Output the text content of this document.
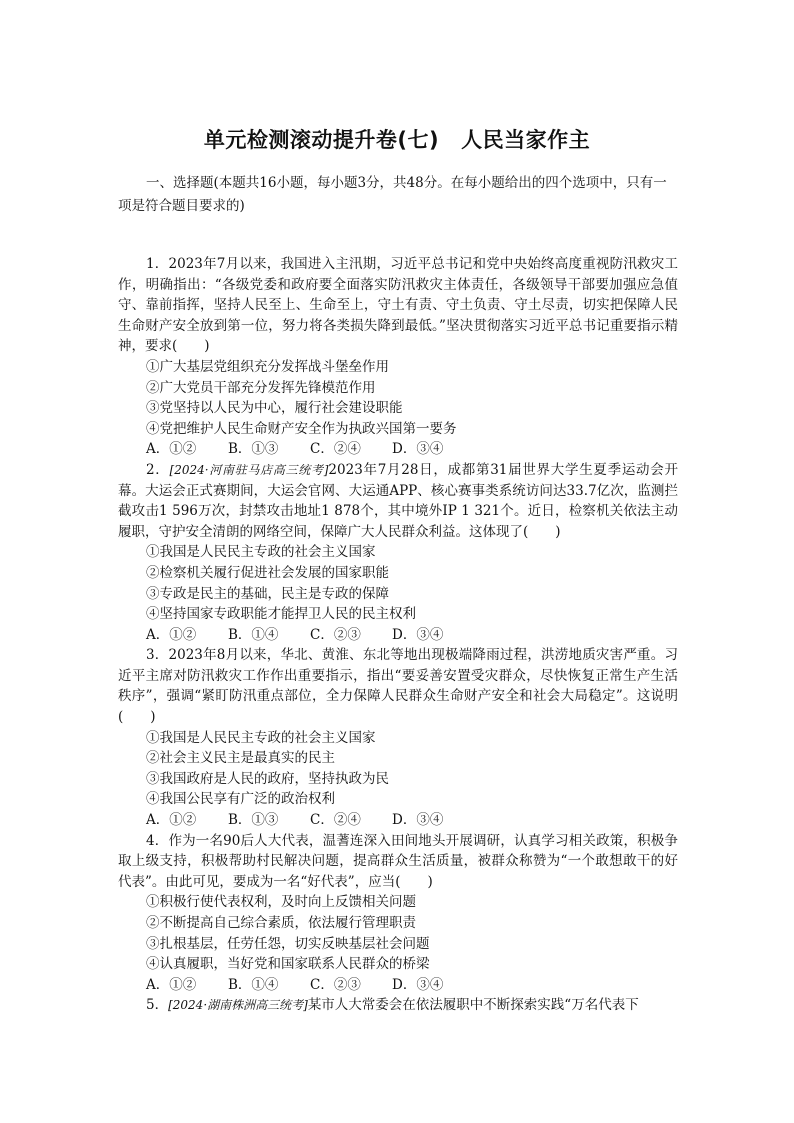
单元检测滚动提升卷(七) 人民当家作主
一、选择题(本题共16小题，每小题3分，共48分。在每小题给出的四个选项中，只有一项是符合题目要求的)

1．2023年7月以来，我国进入主汛期，习近平总书记和党中央始终高度重视防汛救灾工作，明确指出：“各级党委和政府要全面落实防汛救灾主体责任，各级领导干部要加强应急值守、靠前指挥，坚持人民至上、生命至上，守土有责、守土负责、守土尽责，切实把保障人民生命财产安全放到第一位，努力将各类损失降到最低。”坚决贯彻落实习近平总书记重要指示精神，要求(　　)

①广大基层党组织充分发挥战斗堡垒作用

②广大党员干部充分发挥先锋模范作用

③党坚持以人民为中心，履行社会建设职能

④党把维护人民生命财产安全作为执政兴国第一要务

A．①② B．①③ C．②④ D．③④

2．[2024·河南驻马店高三统考]2023年7月28日，成都第31届世界大学生夏季运动会开幕。大运会正式赛期间，大运会官网、大运通APP、核心赛事类系统访问达33.7亿次，监测拦截攻击1 596万次，封禁攻击地址1 878个，其中境外IP 1 321个。近日，检察机关依法主动履职，守护安全清朗的网络空间，保障广大人民群众利益。这体现了(　　)

①我国是人民民主专政的社会主义国家

②检察机关履行促进社会发展的国家职能

③专政是民主的基础，民主是专政的保障

④坚持国家专政职能才能捍卫人民的民主权利

A．①② B．①④ C．②③ D．③④

3．2023年8月以来，华北、黄淮、东北等地出现极端降雨过程，洪涝地质灾害严重。习近平主席对防汛救灾工作作出重要指示，指出“要妥善安置受灾群众，尽快恢复正常生产生活秩序”，强调“紧盯防汛重点部位，全力保障人民群众生命财产安全和社会大局稳定”。这说明(　　)

①我国是人民民主专政的社会主义国家

②社会主义民主是最真实的民主

③我国政府是人民的政府，坚持执政为民

④我国公民享有广泛的政治权利

A．①② B．①③ C．②④ D．③④

4．作为一名90后人大代表，温蓍连深入田间地头开展调研，认真学习相关政策，积极争取上级支持，积极帮助村民解决问题，提高群众生活质量，被群众称赞为“一个敢想敢干的好代表”。由此可见，要成为一名“好代表”，应当(　　)

①积极行使代表权利，及时向上反馈相关问题

②不断提高自己综合素质，依法履行管理职责

③扎根基层，任劳任怨，切实反映基层社会问题

④认真履职，当好党和国家联系人民群众的桥梁

A．①② B．①④ C．②③ D．③④

5．[2024·湖南株洲高三统考]某市人大常委会在依法履职中不断探索实践“万名代表下
